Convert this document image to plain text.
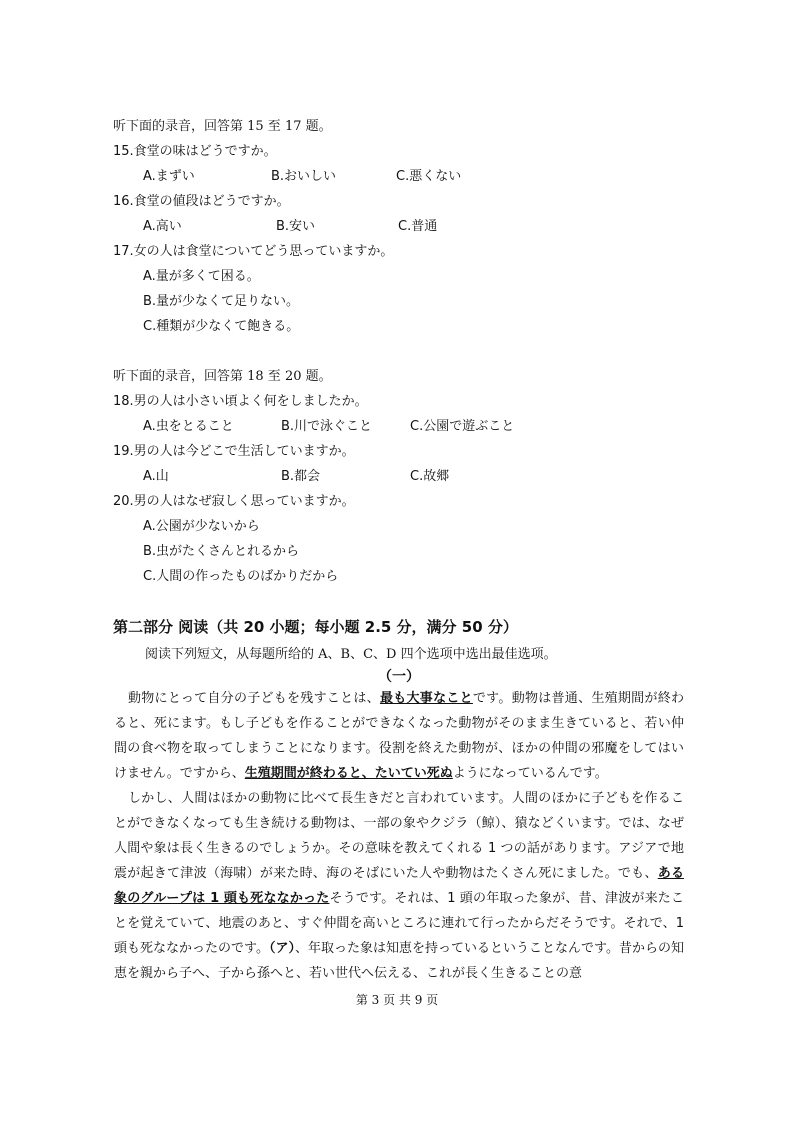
听下面的录音，回答第 15 至 17 题。
15.食堂の味はどうですか。
A.まずい	B.おいしい	C.悪くない
16.食堂の値段はどうですか。
A.高い	B.安い	C.普通
17.女の人は食堂についてどう思っていますか。
A.量が多くて困る。
B.量が少なくて足りない。
C.種類が少なくて飽きる。
听下面的录音，回答第 18 至 20 题。
18.男の人は小さい頃よく何をしましたか。
A.虫をとること	B.川で泳ぐこと	C.公園で遊ぶこと
19.男の人は今どこで生活していますか。
A.山	B.都会	C.故郷
20.男の人はなぜ寂しく思っていますか。
A.公園が少ないから
B.虫がたくさんとれるから
C.人間の作ったものばかりだから
第二部分 阅读（共 20 小题；每小题 2.5 分，满分 50 分）
阅读下列短文，从每题所给的 A、B、C、D 四个选项中选出最佳选项。
（一）
動物にとって自分の子どもを残すことは、最も大事なことです。動物は普通、生殖期間が終わると、死にます。もし子どもを作ることができなくなった動物がそのまま生きていると、若い仲間の食べ物を取ってしまうことになります。役割を終えた動物が、ほかの仲間の邪魔をしてはいけません。ですから、生殖期間が終わると、たいてい死ぬようになっているんです。
しかし、人間はほかの動物に比べて長生きだと言われています。人間のほかに子どもを作ることができなくなっても生き続ける動物は、一部の象やクジラ（鲸）、猿などくいます。では、なぜ人間や象は長く生きるのでしょうか。その意味を教えてくれる 1 つの話があります。アジアで地震が起きて津波（海啸）が来た時、海のそばにいた人や動物はたくさん死にました。でも、ある象のグループは 1 頭も死ななかったそうです。それは、1 頭の年取った象が、昔、津波が来たことを覚えていて、地震のあと、すぐ仲間を高いところに連れて行ったからだそうです。それで、1 頭も死ななかったのです。（ア）、年取った象は知恵を持っているということなんです。昔からの知恵を親から子へ、子から孫へと、若い世代へ伝える、これが長く生きることの意
第 3 页 共 9 页
